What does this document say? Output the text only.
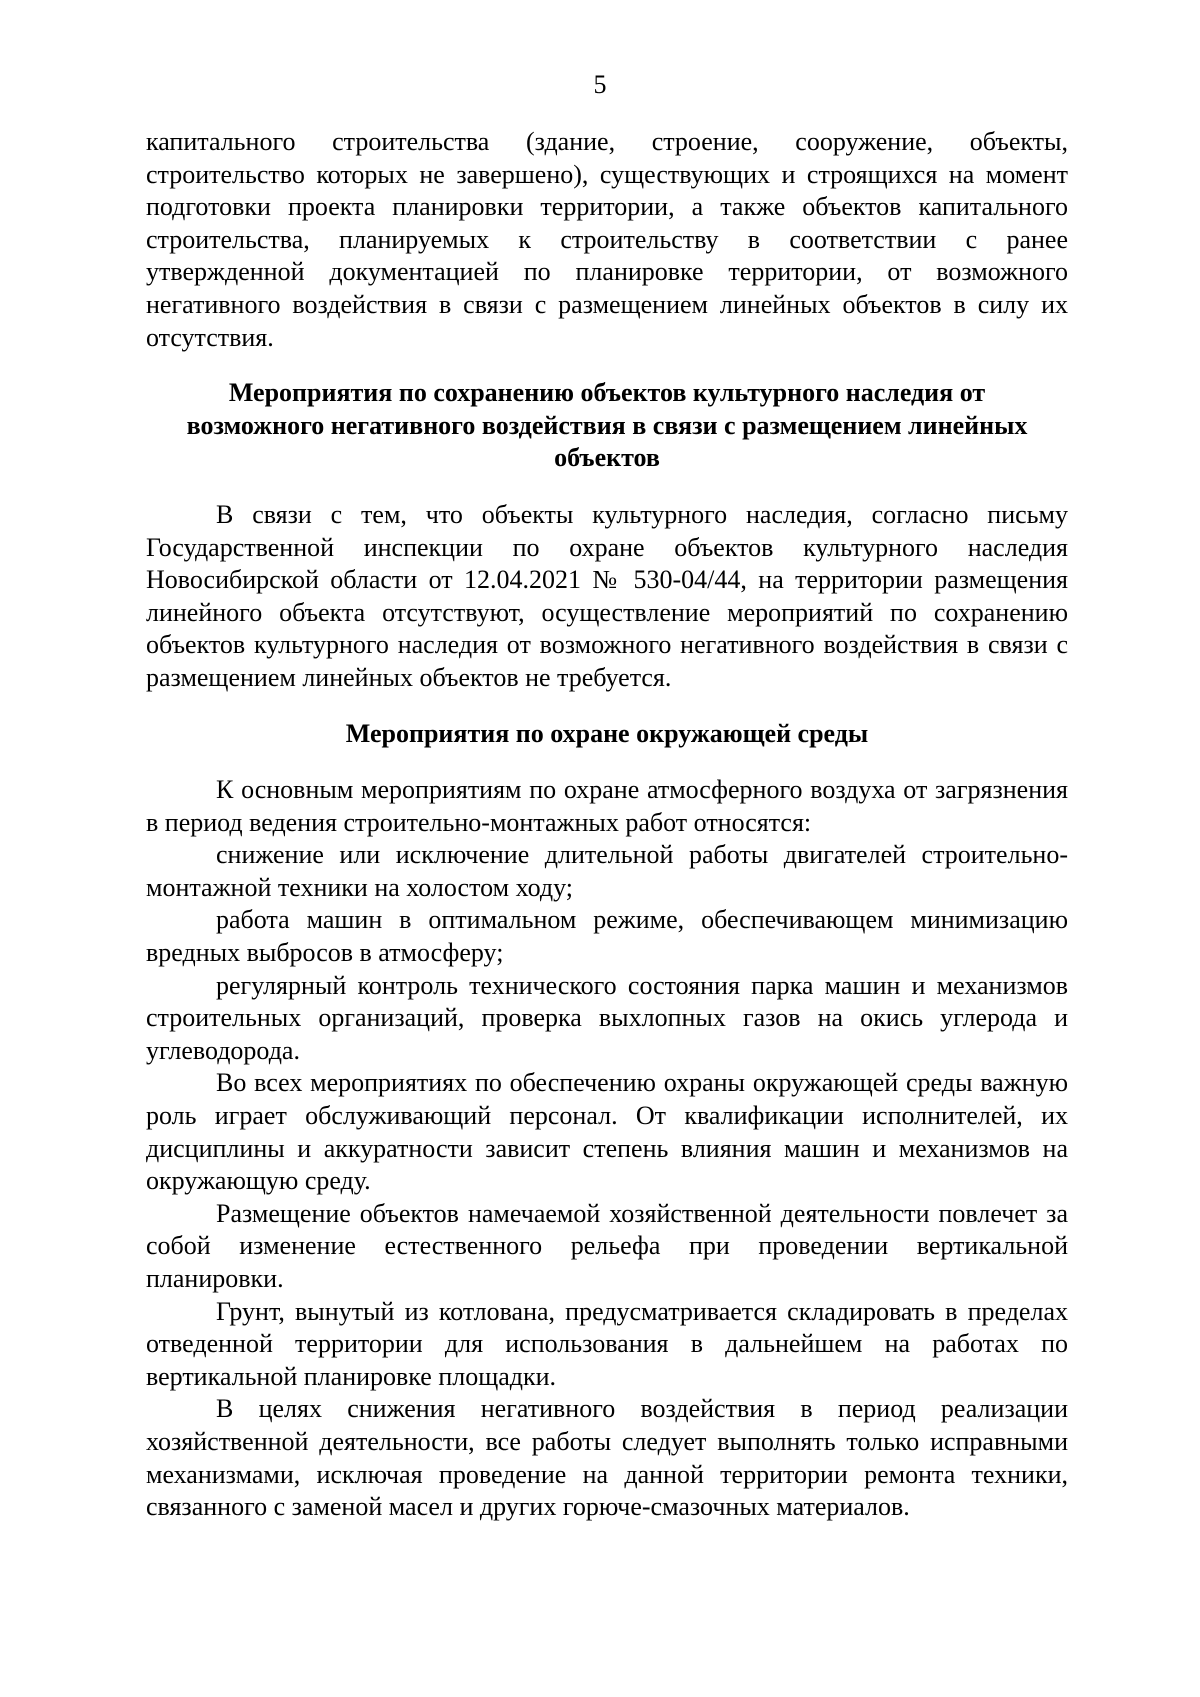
5

капитального строительства (здание, строение, сооружение, объекты, строительство которых не завершено), существующих и строящихся на момент подготовки проекта планировки территории, а также объектов капитального строительства, планируемых к строительству в соответствии с ранее утвержденной документацией по планировке территории, от возможного негативного воздействия в связи с размещением линейных объектов в силу их отсутствия.

Мероприятия по сохранению объектов культурного наследия от
возможного негативного воздействия в связи с размещением линейных
объектов

В связи с тем, что объекты культурного наследия, согласно письму Государственной инспекции по охране объектов культурного наследия Новосибирской области от 12.04.2021 № 530-04/44, на территории размещения линейного объекта отсутствуют, осуществление мероприятий по сохранению объектов культурного наследия от возможного негативного воздействия в связи с размещением линейных объектов не требуется.

Мероприятия по охране окружающей среды

К основным мероприятиям по охране атмосферного воздуха от загрязнения в период ведения строительно-монтажных работ относятся:

снижение или исключение длительной работы двигателей строительно-монтажной техники на холостом ходу;

работа машин в оптимальном режиме, обеспечивающем минимизацию вредных выбросов в атмосферу;

регулярный контроль технического состояния парка машин и механизмов строительных организаций, проверка выхлопных газов на окись углерода и углеводорода.

Во всех мероприятиях по обеспечению охраны окружающей среды важную роль играет обслуживающий персонал. От квалификации исполнителей, их дисциплины и аккуратности зависит степень влияния машин и механизмов на окружающую среду.

Размещение объектов намечаемой хозяйственной деятельности повлечет за собой изменение естественного рельефа при проведении вертикальной планировки.

Грунт, вынутый из котлована, предусматривается складировать в пределах отведенной территории для использования в дальнейшем на работах по вертикальной планировке площадки.

В целях снижения негативного воздействия в период реализации хозяйственной деятельности, все работы следует выполнять только исправными механизмами, исключая проведение на данной территории ремонта техники, связанного с заменой масел и других горюче-смазочных материалов.
